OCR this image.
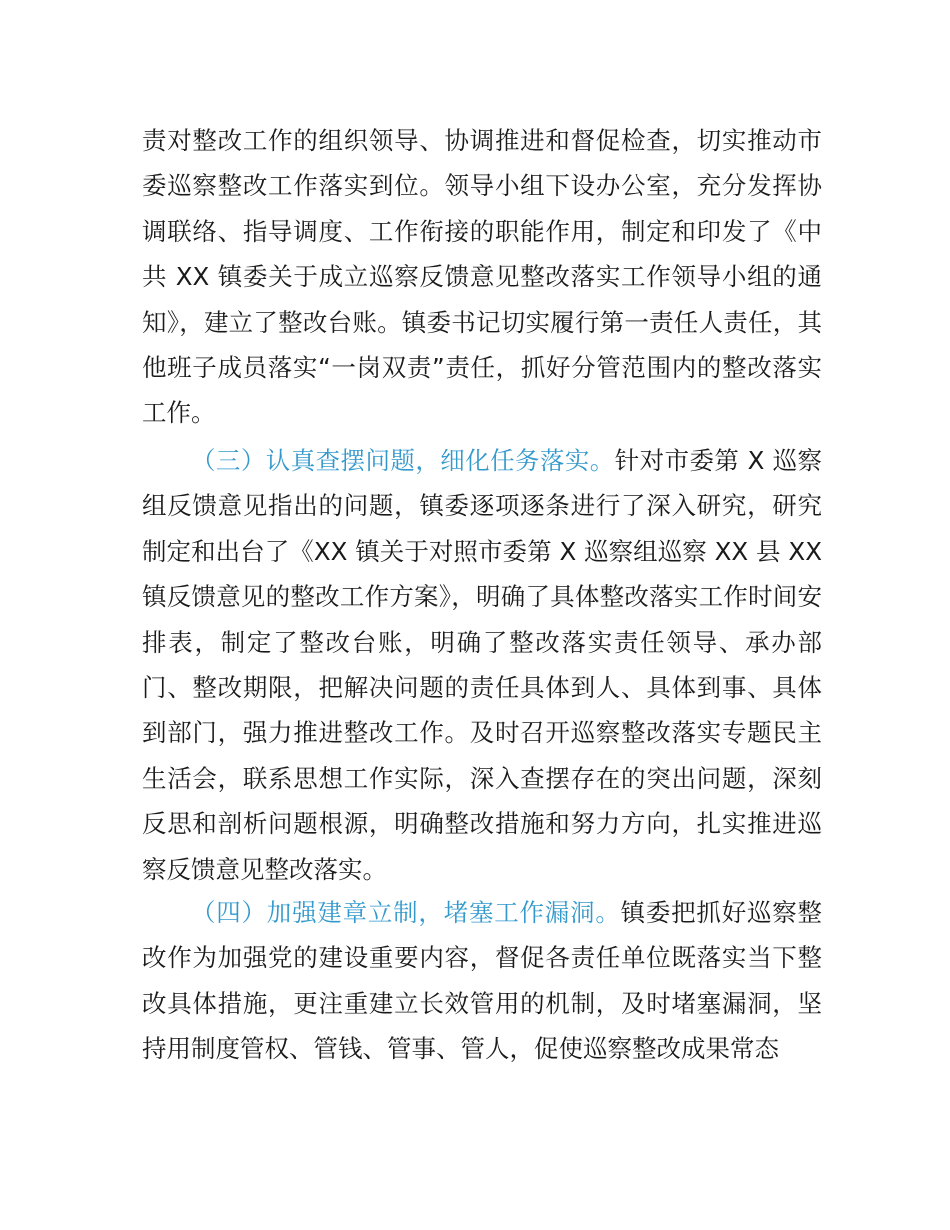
责对整改工作的组织领导、协调推进和督促检查，切实推动市委巡察整改工作落实到位。领导小组下设办公室，充分发挥协调联络、指导调度、工作衔接的职能作用，制定和印发了《中共 XX 镇委关于成立巡察反馈意见整改落实工作领导小组的通知》，建立了整改台账。镇委书记切实履行第一责任人责任，其他班子成员落实“一岗双责”责任，抓好分管范围内的整改落实工作。

（三）认真查摆问题，细化任务落实。针对市委第 X 巡察组反馈意见指出的问题，镇委逐项逐条进行了深入研究，研究制定和出台了《XX 镇关于对照市委第 X 巡察组巡察 XX 县 XX 镇反馈意见的整改工作方案》，明确了具体整改落实工作时间安排表，制定了整改台账，明确了整改落实责任领导、承办部门、整改期限，把解决问题的责任具体到人、具体到事、具体到部门，强力推进整改工作。及时召开巡察整改落实专题民主生活会，联系思想工作实际，深入查摆存在的突出问题，深刻反思和剖析问题根源，明确整改措施和努力方向，扎实推进巡察反馈意见整改落实。

（四）加强建章立制，堵塞工作漏洞。镇委把抓好巡察整改作为加强党的建设重要内容，督促各责任单位既落实当下整改具体措施，更注重建立长效管用的机制，及时堵塞漏洞，坚持用制度管权、管钱、管事、管人，促使巡察整改成果常态
